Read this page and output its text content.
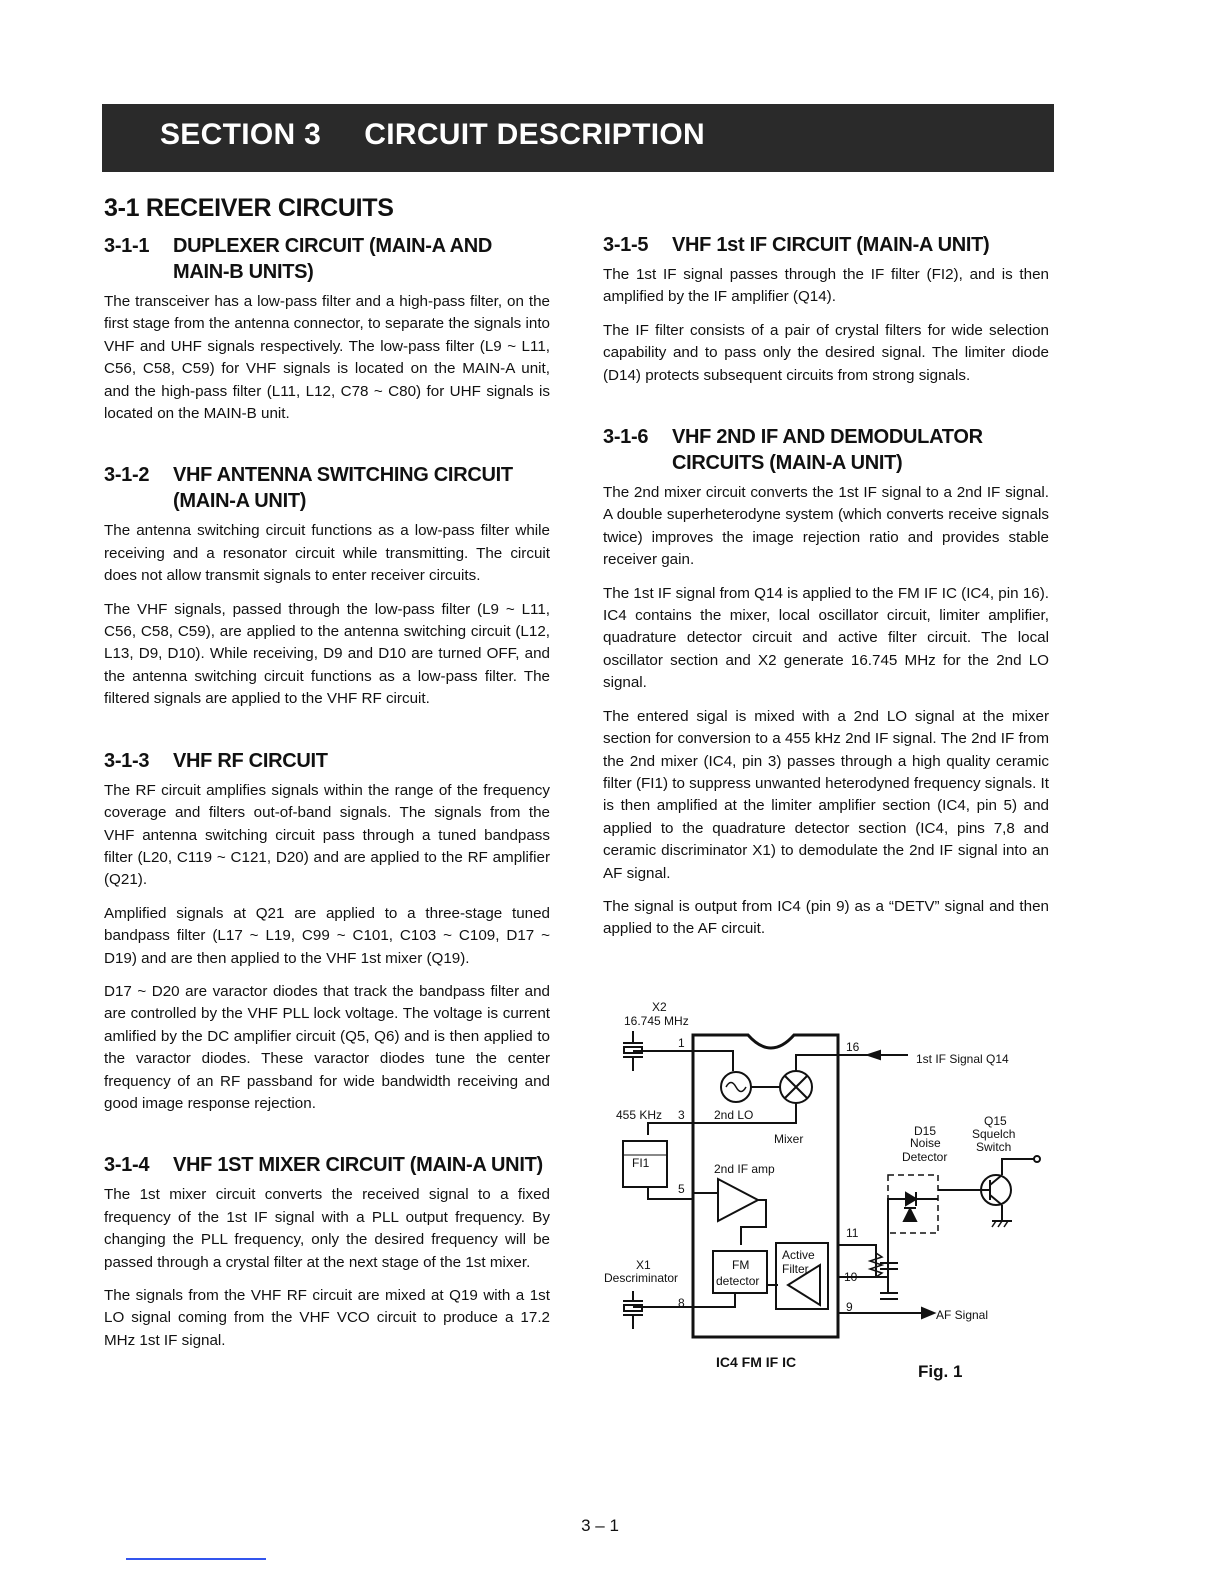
SECTION 3 CIRCUIT DESCRIPTION
3-1 RECEIVER CIRCUITS
3-1-1	DUPLEXER CIRCUIT (MAIN-A AND MAIN-B UNITS)

The transceiver has a low-pass filter and a high-pass filter, on the first stage from the antenna connector, to separate the signals into VHF and UHF signals respectively. The low-pass filter (L9 ~ L11, C56, C58, C59) for VHF signals is located on the MAIN-A unit, and the high-pass filter (L11, L12, C78 ~ C80) for UHF signals is located on the MAIN-B unit.

3-1-2	VHF ANTENNA SWITCHING CIRCUIT (MAIN-A UNIT)

The antenna switching circuit functions as a low-pass filter while receiving and a resonator circuit while transmitting. The circuit does not allow transmit signals to enter receiver circuits.

The VHF signals, passed through the low-pass filter (L9 ~ L11, C56, C58, C59), are applied to the antenna switching circuit (L12, L13, D9, D10). While receiving, D9 and D10 are turned OFF, and the antenna switching circuit functions as a low-pass filter. The filtered signals are applied to the VHF RF circuit.

3-1-3	VHF RF CIRCUIT

The RF circuit amplifies signals within the range of the frequency coverage and filters out-of-band signals. The signals from the VHF antenna switching circuit pass through a tuned bandpass filter (L20, C119 ~ C121, D20) and are applied to the RF amplifier (Q21).

Amplified signals at Q21 are applied to a three-stage tuned bandpass filter (L17 ~ L19, C99 ~ C101, C103 ~ C109, D17 ~ D19) and are then applied to the VHF 1st mixer (Q19).

D17 ~ D20 are varactor diodes that track the bandpass filter and are controlled by the VHF PLL lock voltage. The voltage is current amlified by the DC amplifier circuit (Q5, Q6) and is then applied to the varactor diodes. These varactor diodes tune the center frequency of an RF passband for wide bandwidth receiving and good image response rejection.

3-1-4	VHF 1ST MIXER CIRCUIT (MAIN-A UNIT)

The 1st mixer circuit converts the received signal to a fixed frequency of the 1st IF signal with a PLL output frequency. By changing the PLL frequency, only the desired frequency will be passed through a crystal filter at the next stage of the 1st mixer.

The signals from the VHF RF circuit are mixed at Q19 with a 1st LO signal coming from the VHF VCO circuit to produce a 17.2 MHz 1st IF signal.

3-1-5	VHF 1st IF CIRCUIT (MAIN-A UNIT)

The 1st IF signal passes through the IF filter (FI2), and is then amplified by the IF amplifier (Q14).

The IF filter consists of a pair of crystal filters for wide selection capability and to pass only the desired signal. The limiter diode (D14) protects subsequent circuits from strong signals.

3-1-6	VHF 2ND IF AND DEMODULATOR CIRCUITS (MAIN-A UNIT)

The 2nd mixer circuit converts the 1st IF signal to a 2nd IF signal. A double superheterodyne system (which converts receive signals twice) improves the image rejection ratio and provides stable receiver gain.

The 1st IF signal from Q14 is applied to the FM IF IC (IC4, pin 16). IC4 contains the mixer, local oscillator circuit, limiter amplifier, quadrature detector circuit and active filter circuit. The local oscillator section and X2 generate 16.745 MHz for the 2nd LO signal.

The entered sigal is mixed with a 2nd LO signal at the mixer section for conversion to a 455 kHz 2nd IF signal. The 2nd IF from the 2nd mixer (IC4, pin 3) passes through a high quality ceramic filter (FI1) to suppress unwanted heterodyned frequency signals. It is then amplified at the limiter amplifier section (IC4, pin 5) and applied to the quadrature detector section (IC4, pins 7,8 and ceramic discriminator X1) to demodulate the 2nd IF signal into an AF signal.

The signal is output from IC4 (pin 9) as a “DETV” signal and then applied to the AF circuit.

X2
16.745 MHz
1
455 KHz 3
FI1
5
2nd LO
Mixer
2nd IF amp
FM
detector
Active
Filter
X1
Descriminator
8
16
11
10
9
1st IF Signal Q14
D15
Noise
Detector
Q15
Squelch
Switch
AF Signal
IC4 FM IF IC	Fig. 1
3 – 1
